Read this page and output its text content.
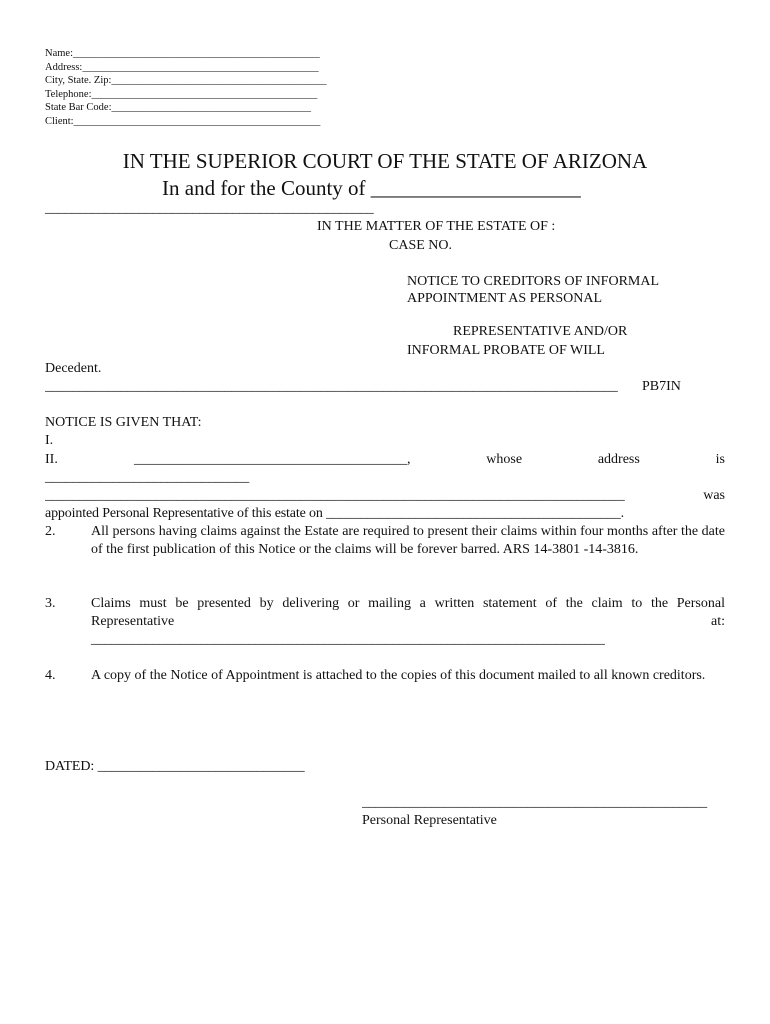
Name:_______________________________________________
Address:_____________________________________________
City, State. Zip:_________________________________________
Telephone:___________________________________________
State Bar Code:______________________________________
Client:_______________________________________________
IN THE SUPERIOR COURT OF THE STATE OF ARIZONA
In and for the County of ____________________
_________________________________________________
IN THE MATTER OF THE ESTATE OF :
CASE NO.
NOTICE TO CREDITORS OF INFORMAL
APPOINTMENT AS PERSONAL
REPRESENTATIVE AND/OR
INFORMAL PROBATE OF WILL
Decedent.
___________________________________________________________________________________	PB7IN
NOTICE IS GIVEN THAT:
I.
II.	_______________________________________,	whose	address	is
______________________________
____________________________________________________________________________________	was
appointed Personal Representative of this estate on ___________________________________________.
2.	All persons having claims against the Estate are required to present their claims within four months after the date of the first publication of this Notice or the claims will be forever barred. ARS 14-3801 -14-3816.
3.	Claims must be presented by delivering or mailing a written statement of the claim to the Personal
Representative	at:
___________________________________________________________________________
4.	A copy of the Notice of Appointment is attached to the copies of this document mailed to all known creditors.
DATED: ______________________________
__________________________________________________
Personal Representative
